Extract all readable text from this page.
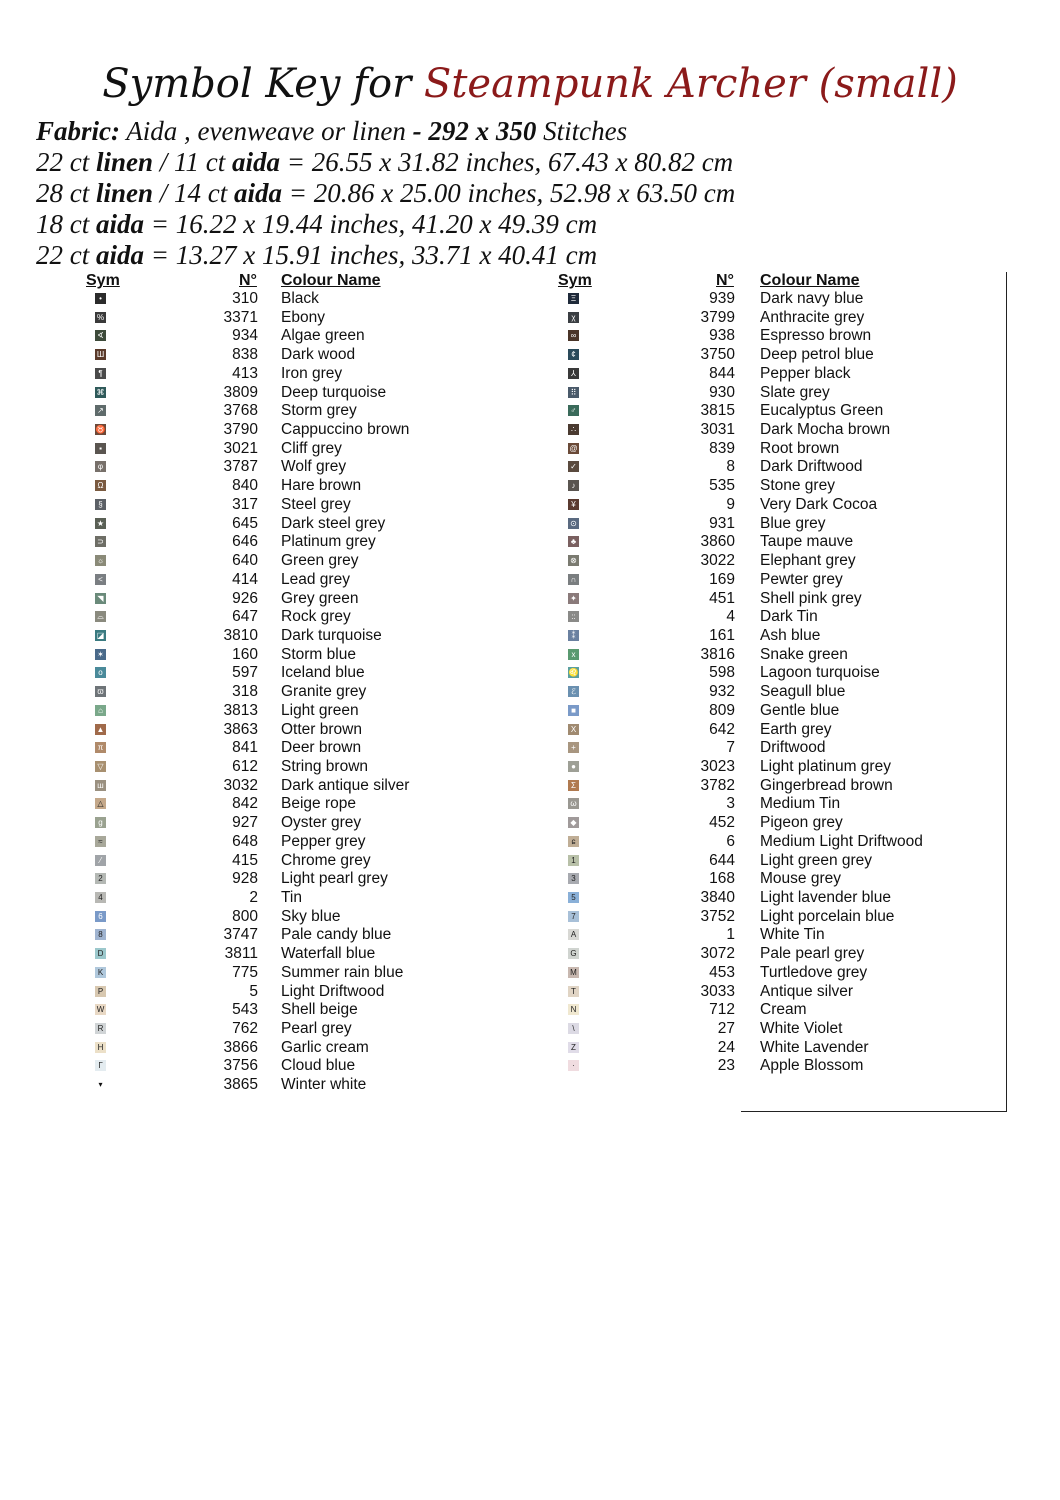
Symbol Key for Steampunk Archer (small)
Fabric: Aida , evenweave or linen - 292 x 350 Stitches
22 ct linen / 11 ct aida = 26.55 x 31.82 inches, 67.43 x 80.82 cm
28 ct linen / 14 ct aida = 20.86 x 25.00 inches, 52.98 x 63.50 cm
18 ct aida = 16.22 x 19.44 inches, 41.20 x 49.39 cm
22 ct aida = 13.27 x 15.91 inches, 33.71 x 40.41 cm
Sym	N° Colour Name	Sym	N° Colour Name
•	310 Black
%	3371 Ebony
∢	934 Algae green
Ш	838 Dark wood
¶	413 Iron grey
⌘	3809 Deep turquoise
↗	3768 Storm grey
♉	3790 Cappuccino brown
▪	3021 Cliff grey
φ	3787 Wolf grey
Ω	840 Hare brown
§	317 Steel grey
★	645 Dark steel grey
⊃	646 Platinum grey
☼	640 Green grey
<	414 Lead grey
◥	926 Grey green
⌓	647 Rock grey
◪	3810 Dark turquoise
✶	160 Storm blue
o	597 Iceland blue
ϖ	318 Granite grey
⌂	3813 Light green
▲	3863 Otter brown
π	841 Deer brown
▽	612 String brown
ш	3032 Dark antique silver
△	842 Beige rope
g	927 Oyster grey
≈	648 Pepper grey
⁄	415 Chrome grey
2	928 Light pearl grey
4	2 Tin
6	800 Sky blue
8	3747 Pale candy blue
D	3811 Waterfall blue
K	775 Summer rain blue
P	5 Light Driftwood
W	543 Shell beige
R	762 Pearl grey
H	3866 Garlic cream
Г	3756 Cloud blue
▾	3865 Winter white
Ξ	939 Dark navy blue
χ	3799 Anthracite grey
∞	938 Espresso brown
¢	3750 Deep petrol blue
⅄	844 Pepper black
⠿	930 Slate grey
♂	3815 Eucalyptus Green
∴	3031 Dark Mocha brown
@	839 Root brown
✓	8 Dark Driftwood
♪	535 Stone grey
¥	9 Very Dark Cocoa
⊙	931 Blue grey
♣	3860 Taupe mauve
⊗	3022 Elephant grey
∩	169 Pewter grey
✦	451 Shell pink grey
::	4 Dark Tin
⁑	161 Ash blue
x	3816 Snake green
♌	598 Lagoon turquoise
ℰ	932 Seagull blue
■	809 Gentle blue
X	642 Earth grey
+	7 Driftwood
●	3023 Light platinum grey
Σ	3782 Gingerbread brown
ω	3 Medium Tin
◆	452 Pigeon grey
ɕ	6 Medium Light Driftwood
1	644 Light green grey
3	168 Mouse grey
5	3840 Light lavender blue
7	3752 Light porcelain blue
A	1 White Tin
G	3072 Pale pearl grey
M	453 Turtledove grey
T	3033 Antique silver
N	712 Cream
\	27 White Violet
Z	24 White Lavender
·	23 Apple Blossom
